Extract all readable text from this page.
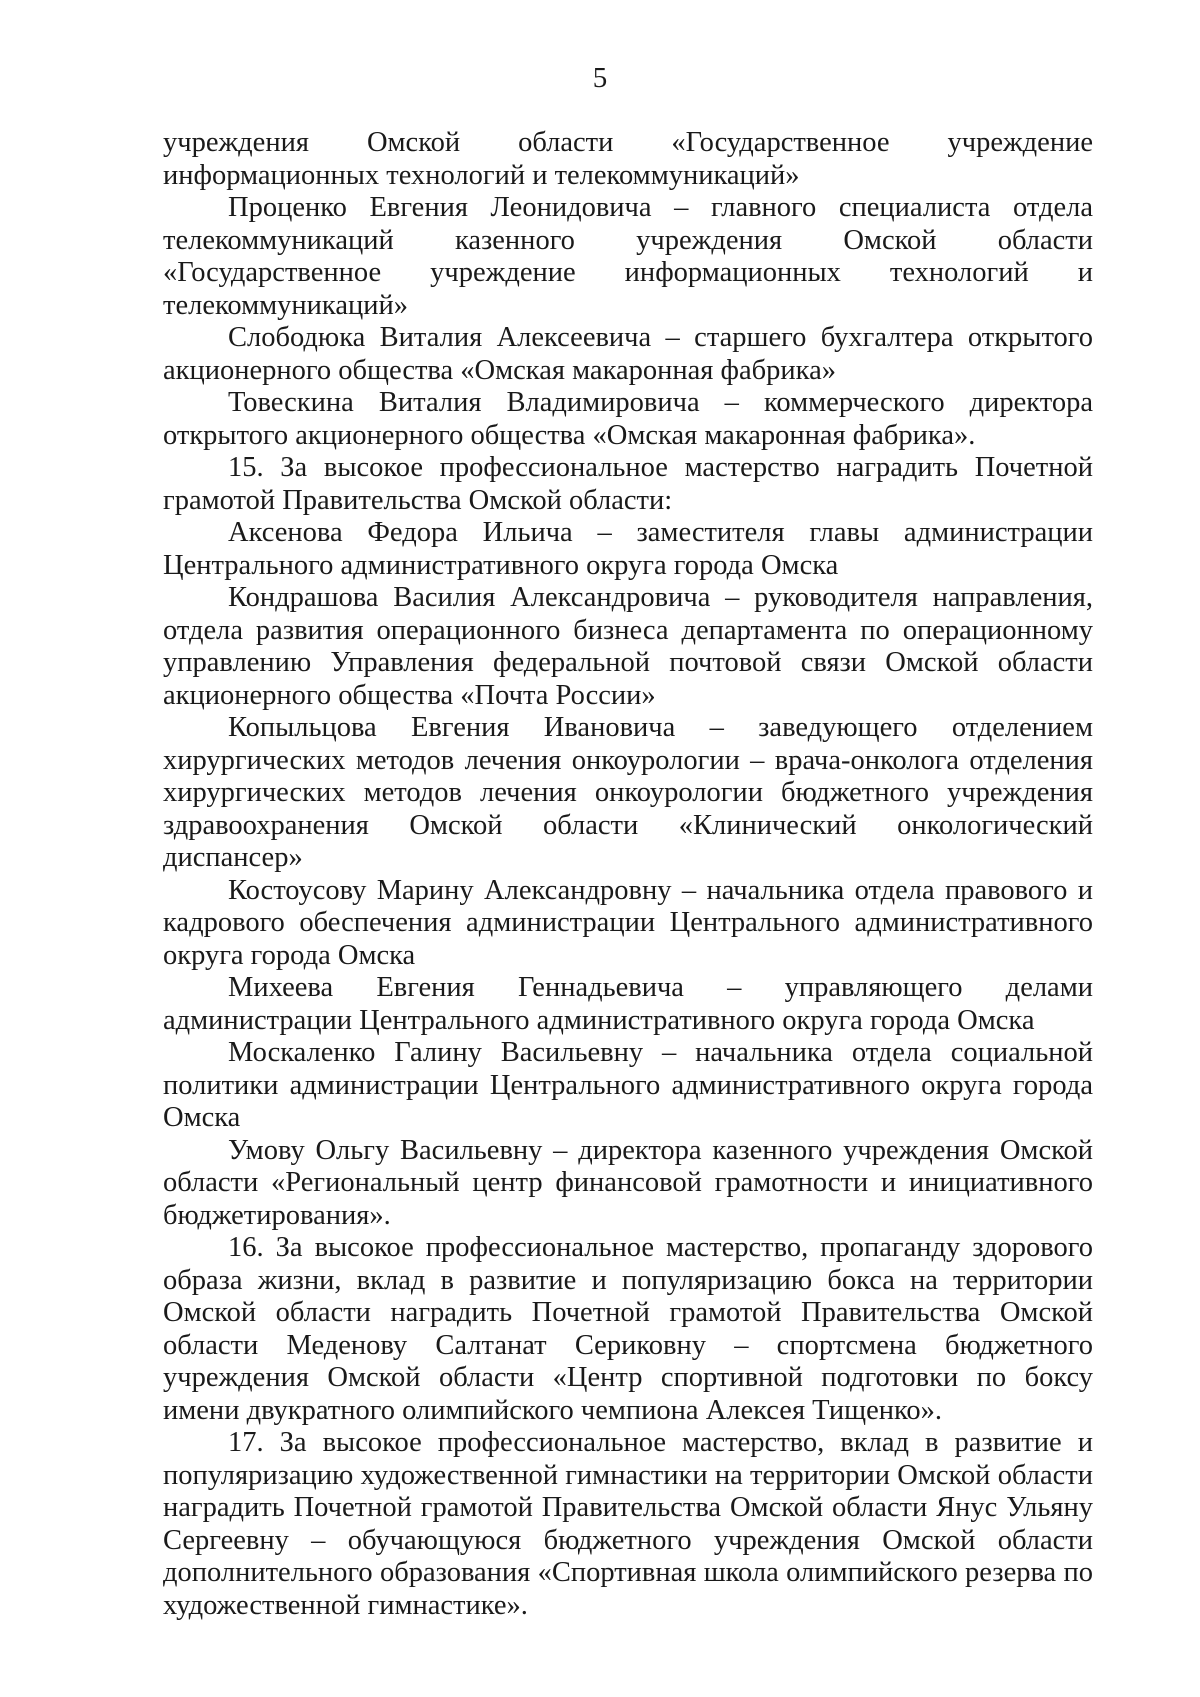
5

учреждения Омской области «Государственное учреждение информационных технологий и телекоммуникаций»

Проценко Евгения Леонидовича – главного специалиста отдела телекоммуникаций казенного учреждения Омской области «Государственное учреждение информационных технологий и телекоммуникаций»

Слободюка Виталия Алексеевича – старшего бухгалтера открытого акционерного общества «Омская макаронная фабрика»

Товескина Виталия Владимировича – коммерческого директора открытого акционерного общества «Омская макаронная фабрика».

15. За высокое профессиональное мастерство наградить Почетной грамотой Правительства Омской области:

Аксенова Федора Ильича – заместителя главы администрации Центрального административного округа города Омска

Кондрашова Василия Александровича – руководителя направления, отдела развития операционного бизнеса департамента по операционному управлению Управления федеральной почтовой связи Омской области акционерного общества «Почта России»

Копыльцова Евгения Ивановича – заведующего отделением хирургических методов лечения онкоурологии – врача-онколога отделения хирургических методов лечения онкоурологии бюджетного учреждения здравоохранения Омской области «Клинический онкологический диспансер»

Костоусову Марину Александровну – начальника отдела правового и кадрового обеспечения администрации Центрального административного округа города Омска

Михеева Евгения Геннадьевича – управляющего делами администрации Центрального административного округа города Омска

Москаленко Галину Васильевну – начальника отдела социальной политики администрации Центрального административного округа города Омска

Умову Ольгу Васильевну – директора казенного учреждения Омской области «Региональный центр финансовой грамотности и инициативного бюджетирования».

16. За высокое профессиональное мастерство, пропаганду здорового образа жизни, вклад в развитие и популяризацию бокса на территории Омской области наградить Почетной грамотой Правительства Омской области Меденову Салтанат Сериковну – спортсмена бюджетного учреждения Омской области «Центр спортивной подготовки по боксу имени двукратного олимпийского чемпиона Алексея Тищенко».

17. За высокое профессиональное мастерство, вклад в развитие и популяризацию художественной гимнастики на территории Омской области наградить Почетной грамотой Правительства Омской области Янус Ульяну Сергеевну – обучающуюся бюджетного учреждения Омской области дополнительного образования «Спортивная школа олимпийского резерва по художественной гимнастике».
